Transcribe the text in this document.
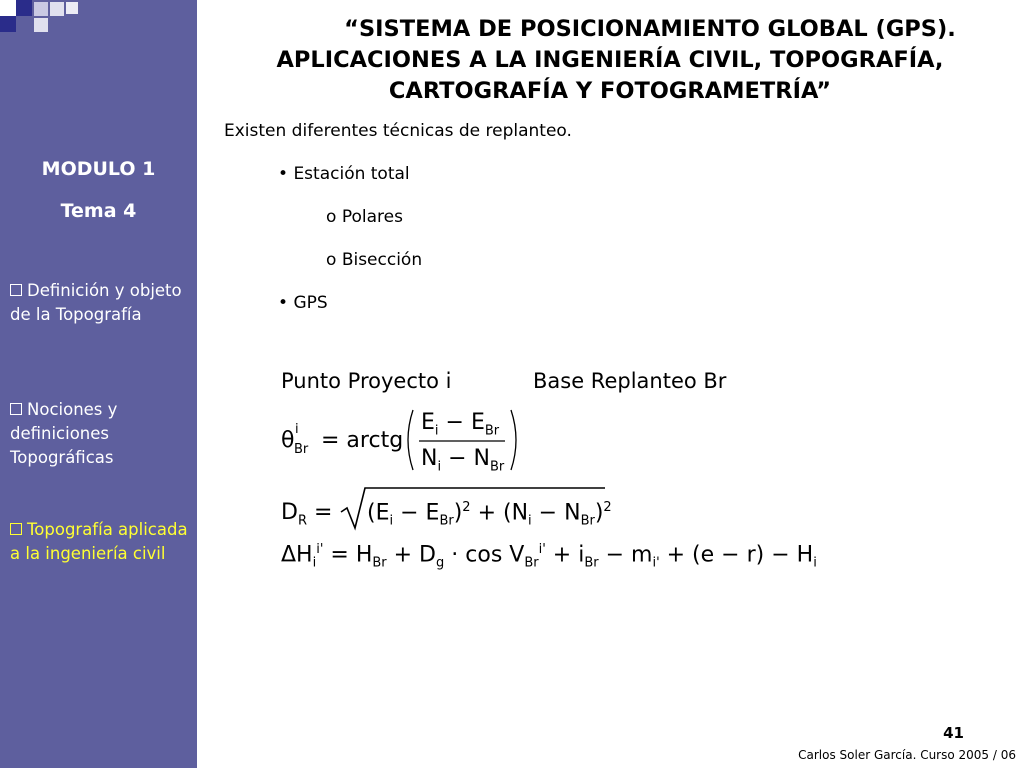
MODULO 1
Tema 4
Definición y objeto de la Topografía
Nociones y definiciones Topográficas
Topografía aplicada a la ingeniería civil
“SISTEMA DE POSICIONAMIENTO GLOBAL (GPS).
APLICACIONES A LA INGENIERÍA CIVIL, TOPOGRAFÍA,
CARTOGRAFÍA Y FOTOGRAMETRÍA”
Existen diferentes técnicas de replanteo.
• Estación total
o Polares
o Bisección
• GPS
Punto Proyecto i	Base Replanteo Br
θ i
Br = arctg
$E_i - E_{Br}$
$N_i - N_{Br}$
$D_R = (E_i - E_{Br})^2 + (N_i - N_{Br})^2$
$\Delta H_i^{i'} = H_{Br} + D_g \cdot \cos V_{Br}^{i'} + i_{Br} - m_{i'} + (e - r) - H_i$
41
Carlos Soler García. Curso 2005 / 06
